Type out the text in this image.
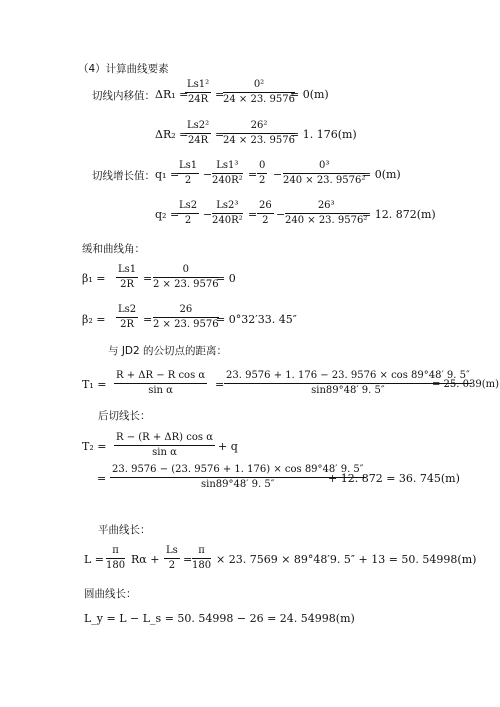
（4）计算曲线要素
切线内移值： ΔR₁ =
$\frac{\text{Ls1²}}{24R}$ =
$\frac{\text{0²}}{24 \times 23. 9576}$
= 0(m)
ΔR₂ =
$\frac{\text{Ls2²}}{24R}$ =
$\frac{\text{26²}}{24 \times 23. 9576}$
= 1. 176(m)
切线增长值： q₁ =
$\frac{Ls1}{2} - \frac{\text{Ls1³}}{\text{240R²}} = \frac{0}{2} - \frac{\text{0³}}{\text{240 × 23. 9576²}}$
= 0(m)
q₂ =
$\frac{Ls2}{2} - \frac{\text{Ls2³}}{\text{240R²}} = \frac{26}{2} - \frac{\text{26³}}{\text{240 × 23. 9576²}}$
= 12. 872(m)
缓和曲线角：
$\beta_1 = \frac{Ls1}{2R} = \frac{0}{2 \times 23. 9576}$
= 0
$\beta_2 = \frac{Ls2}{2R} = \frac{26}{2 \times 23. 9576}$
= 0°32′33. 45″
与 JD2 的公切点的距离：
$T_1 = \frac{\text{R + ΔR − R cos α}}{\text{sin α}} = \frac{23. 9576 + 1. 176 - 23. 9576 \times \cos 89^\circ 48' 9. 5''}{\sin 89^\circ 48' 9. 5''}$
= 25. 039(m)
后切线长：
$T_2 = \frac{\text{R − (R + ΔR) cos α}}{\text{sin α}} + q$
= $\frac{23. 9576 - (23. 9576 + 1. 176) \times \cos 89^\circ 48' 9. 5''}{\sin 89^\circ 48' 9. 5''}$
+ 12. 872 = 36. 745(m)
平曲线长：
$L = \frac{\pi}{180}$ $R\alpha + \frac{Ls}{2} = \frac{\pi}{180} \times 23$. 7569 × 89°48′9. 5″ + 13 = 50. 54998(m)
圆曲线长：
L_y = L − L_s = 50. 54998 − 26 = 24. 54998(m)
